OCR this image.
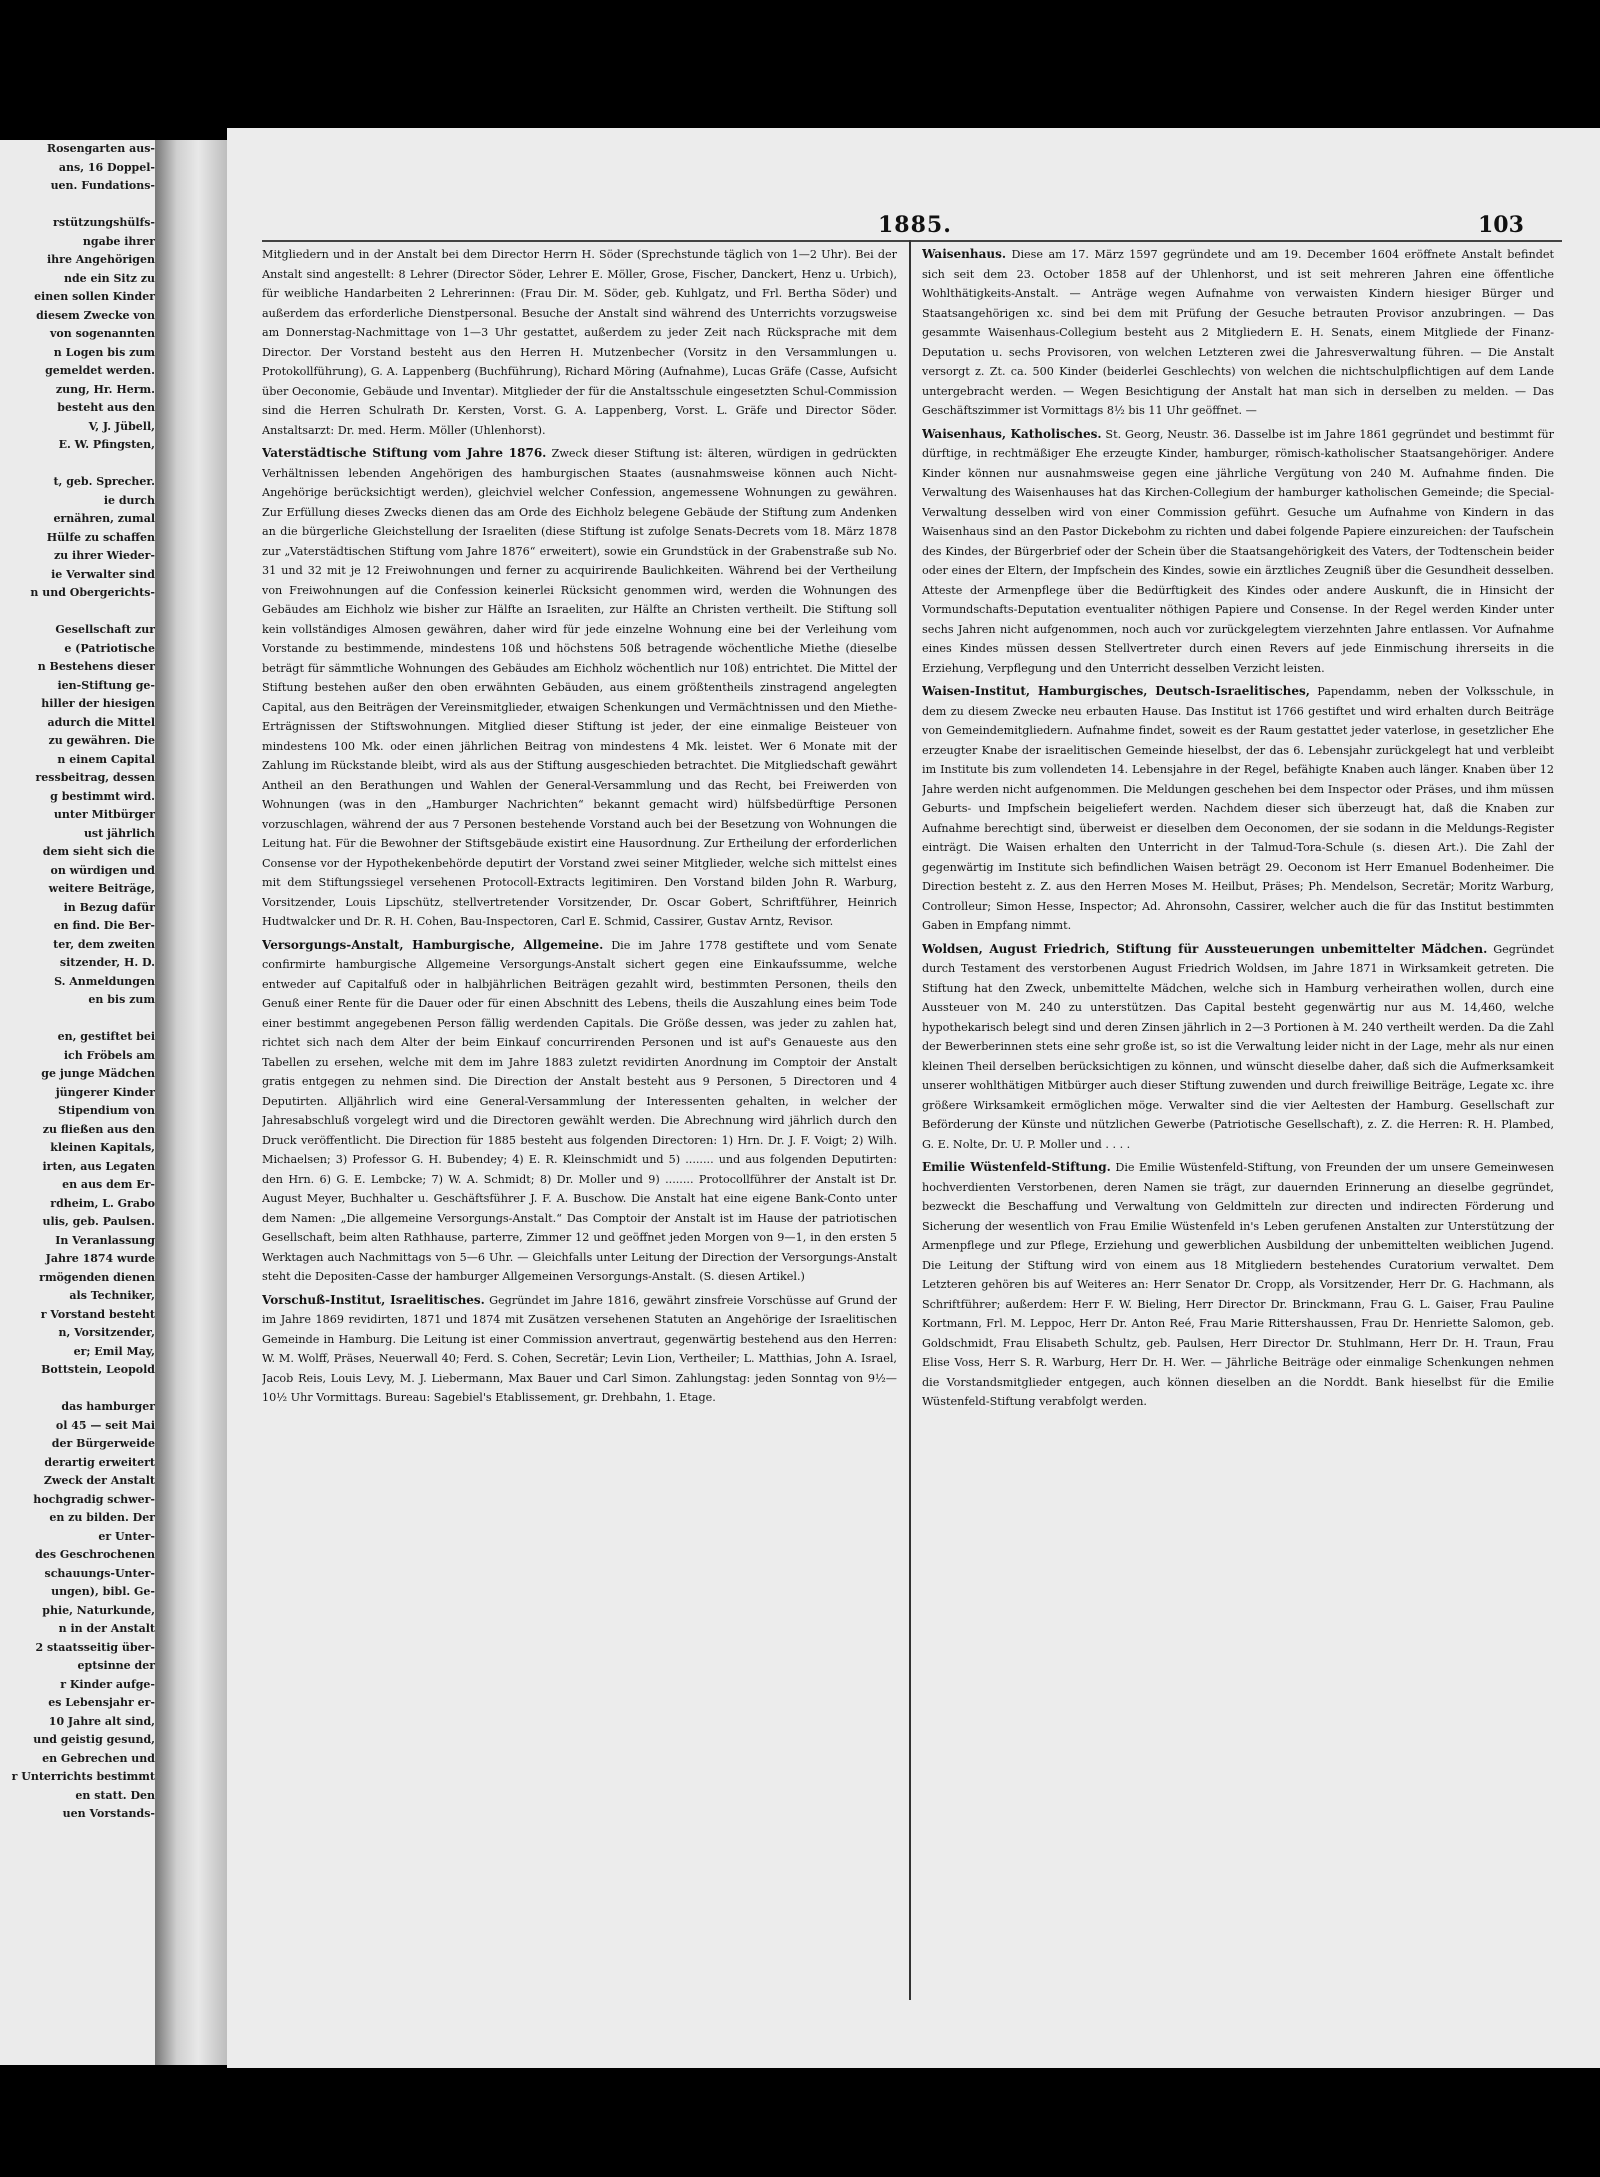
Rosengarten aus-

ans, 16 Doppel-

uen. Fundations-

rstützungshülfs-

ngabe ihrer

ihre Angehörigen

nde ein Sitz zu

einen sollen Kinder

diesem Zwecke von

von sogenannten

n Logen bis zum

gemeldet werden.

zung, Hr. Herm.

besteht aus den

V, J. Jübell,

E. W. Pfingsten,

t, geb. Sprecher.

ie durch

ernähren, zumal

Hülfe zu schaffen

zu ihrer Wieder-

ie Verwalter sind

n und Obergerichts-

Gesellschaft zur

e (Patriotische

n Bestehens dieser

ien-Stiftung ge-

hiller der hiesigen

adurch die Mittel

zu gewähren. Die

n einem Capital

ressbeitrag, dessen

g bestimmt wird.

unter Mitbürger

ust jährlich

dem sieht sich die

on würdigen und

weitere Beiträge,

in Bezug dafür

en find. Die Ber-

ter, dem zweiten

sitzender, H. D.

S. Anmeldungen

en bis zum

en, gestiftet bei

ich Fröbels am

ge junge Mädchen

jüngerer Kinder

Stipendium von

zu fließen aus den

kleinen Kapitals,

irten, aus Legaten

en aus dem Er-

rdheim, L. Grabo

ulis, geb. Paulsen.

In Veranlassung

Jahre 1874 wurde

rmögenden dienen

als Techniker,

r Vorstand besteht

n, Vorsitzender,

er; Emil May,

Bottstein, Leopold

das hamburger

ol 45 — seit Mai

der Bürgerweide

derartig erweitert

Zweck der Anstalt

hochgradig schwer-

en zu bilden. Der

er Unter-

des Geschrochenen

schauungs-Unter-

ungen), bibl. Ge-

phie, Naturkunde,

n in der Anstalt

2 staatsseitig über-

eptsinne der

r Kinder aufge-

es Lebensjahr er-

10 Jahre alt sind,

und geistig gesund,

en Gebrechen und

r Unterrichts bestimmt

en statt. Den

uen Vorstands-

1885.	103

Mitgliedern und in der Anstalt bei dem Director Herrn H. Söder (Sprechstunde täglich von 1—2 Uhr). Bei der Anstalt sind angestellt: 8 Lehrer (Director Söder, Lehrer E. Möller, Grose, Fischer, Danckert, Henz u. Urbich), für weibliche Handarbeiten 2 Lehrerinnen: (Frau Dir. M. Söder, geb. Kuhlgatz, und Frl. Bertha Söder) und außerdem das erforderliche Dienstpersonal. Besuche der Anstalt sind während des Unterrichts vorzugsweise am Donnerstag-Nachmittage von 1—3 Uhr gestattet, außerdem zu jeder Zeit nach Rücksprache mit dem Director. Der Vorstand besteht aus den Herren H. Mutzenbecher (Vorsitz in den Versammlungen u. Protokollführung), G. A. Lappenberg (Buchführung), Richard Möring (Aufnahme), Lucas Gräfe (Casse, Aufsicht über Oeconomie, Gebäude und Inventar). Mitglieder der für die Anstaltsschule eingesetzten Schul-Commission sind die Herren Schulrath Dr. Kersten, Vorst. G. A. Lappenberg, Vorst. L. Gräfe und Director Söder. Anstaltsarzt: Dr. med. Herm. Möller (Uhlenhorst).

Vaterstädtische Stiftung vom Jahre 1876. Zweck dieser Stiftung ist: älteren, würdigen in gedrückten Verhältnissen lebenden Angehörigen des hamburgischen Staates (ausnahmsweise können auch Nicht-Angehörige berücksichtigt werden), gleichviel welcher Confession, angemessene Wohnungen zu gewähren. Zur Erfüllung dieses Zwecks dienen das am Orde des Eichholz belegene Gebäude der Stiftung zum Andenken an die bürgerliche Gleichstellung der Israeliten (diese Stiftung ist zufolge Senats-Decrets vom 18. März 1878 zur „Vaterstädtischen Stiftung vom Jahre 1876“ erweitert), sowie ein Grundstück in der Grabenstraße sub No. 31 und 32 mit je 12 Freiwohnungen und ferner zu acquirirende Baulichkeiten. Während bei der Vertheilung von Freiwohnungen auf die Confession keinerlei Rücksicht genommen wird, werden die Wohnungen des Gebäudes am Eichholz wie bisher zur Hälfte an Israeliten, zur Hälfte an Christen vertheilt. Die Stiftung soll kein vollständiges Almosen gewähren, daher wird für jede einzelne Wohnung eine bei der Verleihung vom Vorstande zu bestimmende, mindestens 10ß und höchstens 50ß betragende wöchentliche Miethe (dieselbe beträgt für sämmtliche Wohnungen des Gebäudes am Eichholz wöchentlich nur 10ß) entrichtet. Die Mittel der Stiftung bestehen außer den oben erwähnten Gebäuden, aus einem größtentheils zinstragend angelegten Capital, aus den Beiträgen der Vereinsmitglieder, etwaigen Schenkungen und Vermächtnissen und den Miethe-Erträgnissen der Stiftswohnungen. Mitglied dieser Stiftung ist jeder, der eine einmalige Beisteuer von mindestens 100 Mk. oder einen jährlichen Beitrag von mindestens 4 Mk. leistet. Wer 6 Monate mit der Zahlung im Rückstande bleibt, wird als aus der Stiftung ausgeschieden betrachtet. Die Mitgliedschaft gewährt Antheil an den Berathungen und Wahlen der General-Versammlung und das Recht, bei Freiwerden von Wohnungen (was in den „Hamburger Nachrichten“ bekannt gemacht wird) hülfsbedürftige Personen vorzuschlagen, während der aus 7 Personen bestehende Vorstand auch bei der Besetzung von Wohnungen die Leitung hat. Für die Bewohner der Stiftsgebäude existirt eine Hausordnung. Zur Ertheilung der erforderlichen Consense vor der Hypothekenbehörde deputirt der Vorstand zwei seiner Mitglieder, welche sich mittelst eines mit dem Stiftungssiegel versehenen Protocoll-Extracts legitimiren. Den Vorstand bilden John R. Warburg, Vorsitzender, Louis Lipschütz, stellvertretender Vorsitzender, Dr. Oscar Gobert, Schriftführer, Heinrich Hudtwalcker und Dr. R. H. Cohen, Bau-Inspectoren, Carl E. Schmid, Cassirer, Gustav Arntz, Revisor.

Versorgungs-Anstalt, Hamburgische, Allgemeine. Die im Jahre 1778 gestiftete und vom Senate confirmirte hamburgische Allgemeine Versorgungs-Anstalt sichert gegen eine Einkaufssumme, welche entweder auf Capitalfuß oder in halbjährlichen Beiträgen gezahlt wird, bestimmten Personen, theils den Genuß einer Rente für die Dauer oder für einen Abschnitt des Lebens, theils die Auszahlung eines beim Tode einer bestimmt angegebenen Person fällig werdenden Capitals. Die Größe dessen, was jeder zu zahlen hat, richtet sich nach dem Alter der beim Einkauf concurrirenden Personen und ist auf's Genaueste aus den Tabellen zu ersehen, welche mit dem im Jahre 1883 zuletzt revidirten Anordnung im Comptoir der Anstalt gratis entgegen zu nehmen sind. Die Direction der Anstalt besteht aus 9 Personen, 5 Directoren und 4 Deputirten. Alljährlich wird eine General-Versammlung der Interessenten gehalten, in welcher der Jahresabschluß vorgelegt wird und die Directoren gewählt werden. Die Abrechnung wird jährlich durch den Druck veröffentlicht. Die Direction für 1885 besteht aus folgenden Directoren: 1) Hrn. Dr. J. F. Voigt; 2) Wilh. Michaelsen; 3) Professor G. H. Bubendey; 4) E. R. Kleinschmidt und 5) ........ und aus folgenden Deputirten: den Hrn. 6) G. E. Lembcke; 7) W. A. Schmidt; 8) Dr. Moller und 9) ........ Protocollführer der Anstalt ist Dr. August Meyer, Buchhalter u. Geschäftsführer J. F. A. Buschow. Die Anstalt hat eine eigene Bank-Conto unter dem Namen: „Die allgemeine Versorgungs-Anstalt.“ Das Comptoir der Anstalt ist im Hause der patriotischen Gesellschaft, beim alten Rathhause, parterre, Zimmer 12 und geöffnet jeden Morgen von 9—1, in den ersten 5 Werktagen auch Nachmittags von 5—6 Uhr. — Gleichfalls unter Leitung der Direction der Versorgungs-Anstalt steht die Depositen-Casse der hamburger Allgemeinen Versorgungs-Anstalt. (S. diesen Artikel.)

Vorschuß-Institut, Israelitisches. Gegründet im Jahre 1816, gewährt zinsfreie Vorschüsse auf Grund der im Jahre 1869 revidirten, 1871 und 1874 mit Zusätzen versehenen Statuten an Angehörige der Israelitischen Gemeinde in Hamburg. Die Leitung ist einer Commission anvertraut, gegenwärtig bestehend aus den Herren: W. M. Wolff, Präses, Neuerwall 40; Ferd. S. Cohen, Secretär; Levin Lion, Vertheiler; L. Matthias, John A. Israel, Jacob Reis, Louis Levy, M. J. Liebermann, Max Bauer und Carl Simon. Zahlungstag: jeden Sonntag von 9½—10½ Uhr Vormittags. Bureau: Sagebiel's Etablissement, gr. Drehbahn, 1. Etage.

Waisenhaus. Diese am 17. März 1597 gegründete und am 19. December 1604 eröffnete Anstalt befindet sich seit dem 23. October 1858 auf der Uhlenhorst, und ist seit mehreren Jahren eine öffentliche Wohlthätigkeits-Anstalt. — Anträge wegen Aufnahme von verwaisten Kindern hiesiger Bürger und Staatsangehörigen xc. sind bei dem mit Prüfung der Gesuche betrauten Provisor anzubringen. — Das gesammte Waisenhaus-Collegium besteht aus 2 Mitgliedern E. H. Senats, einem Mitgliede der Finanz-Deputation u. sechs Provisoren, von welchen Letzteren zwei die Jahresverwaltung führen. — Die Anstalt versorgt z. Zt. ca. 500 Kinder (beiderlei Geschlechts) von welchen die nichtschulpflichtigen auf dem Lande untergebracht werden. — Wegen Besichtigung der Anstalt hat man sich in derselben zu melden. — Das Geschäftszimmer ist Vormittags 8½ bis 11 Uhr geöffnet. —

Waisenhaus, Katholisches. St. Georg, Neustr. 36. Dasselbe ist im Jahre 1861 gegründet und bestimmt für dürftige, in rechtmäßiger Ehe erzeugte Kinder, hamburger, römisch-katholischer Staatsangehöriger. Andere Kinder können nur ausnahmsweise gegen eine jährliche Vergütung von 240 M. Aufnahme finden. Die Verwaltung des Waisenhauses hat das Kirchen-Collegium der hamburger katholischen Gemeinde; die Special-Verwaltung desselben wird von einer Commission geführt. Gesuche um Aufnahme von Kindern in das Waisenhaus sind an den Pastor Dickebohm zu richten und dabei folgende Papiere einzureichen: der Taufschein des Kindes, der Bürgerbrief oder der Schein über die Staatsangehörigkeit des Vaters, der Todtenschein beider oder eines der Eltern, der Impfschein des Kindes, sowie ein ärztliches Zeugniß über die Gesundheit desselben. Atteste der Armenpflege über die Bedürftigkeit des Kindes oder andere Auskunft, die in Hinsicht der Vormundschafts-Deputation eventualiter nöthigen Papiere und Consense. In der Regel werden Kinder unter sechs Jahren nicht aufgenommen, noch auch vor zurückgelegtem vierzehnten Jahre entlassen. Vor Aufnahme eines Kindes müssen dessen Stellvertreter durch einen Revers auf jede Einmischung ihrerseits in die Erziehung, Verpflegung und den Unterricht desselben Verzicht leisten.

Waisen-Institut, Hamburgisches, Deutsch-Israelitisches, Papendamm, neben der Volksschule, in dem zu diesem Zwecke neu erbauten Hause. Das Institut ist 1766 gestiftet und wird erhalten durch Beiträge von Gemeindemitgliedern. Aufnahme findet, soweit es der Raum gestattet jeder vaterlose, in gesetzlicher Ehe erzeugter Knabe der israelitischen Gemeinde hieselbst, der das 6. Lebensjahr zurückgelegt hat und verbleibt im Institute bis zum vollendeten 14. Lebensjahre in der Regel, befähigte Knaben auch länger. Knaben über 12 Jahre werden nicht aufgenommen. Die Meldungen geschehen bei dem Inspector oder Präses, und ihm müssen Geburts- und Impfschein beigeliefert werden. Nachdem dieser sich überzeugt hat, daß die Knaben zur Aufnahme berechtigt sind, überweist er dieselben dem Oeconomen, der sie sodann in die Meldungs-Register einträgt. Die Waisen erhalten den Unterricht in der Talmud-Tora-Schule (s. diesen Art.). Die Zahl der gegenwärtig im Institute sich befindlichen Waisen beträgt 29. Oeconom ist Herr Emanuel Bodenheimer. Die Direction besteht z. Z. aus den Herren Moses M. Heilbut, Präses; Ph. Mendelson, Secretär; Moritz Warburg, Controlleur; Simon Hesse, Inspector; Ad. Ahronsohn, Cassirer, welcher auch die für das Institut bestimmten Gaben in Empfang nimmt.

Woldsen, August Friedrich, Stiftung für Aussteuerungen unbemittelter Mädchen. Gegründet durch Testament des verstorbenen August Friedrich Woldsen, im Jahre 1871 in Wirksamkeit getreten. Die Stiftung hat den Zweck, unbemittelte Mädchen, welche sich in Hamburg verheirathen wollen, durch eine Aussteuer von M. 240 zu unterstützen. Das Capital besteht gegenwärtig nur aus M. 14,460, welche hypothekarisch belegt sind und deren Zinsen jährlich in 2—3 Portionen à M. 240 vertheilt werden. Da die Zahl der Bewerberinnen stets eine sehr große ist, so ist die Verwaltung leider nicht in der Lage, mehr als nur einen kleinen Theil derselben berücksichtigen zu können, und wünscht dieselbe daher, daß sich die Aufmerksamkeit unserer wohlthätigen Mitbürger auch dieser Stiftung zuwenden und durch freiwillige Beiträge, Legate xc. ihre größere Wirksamkeit ermöglichen möge. Verwalter sind die vier Aeltesten der Hamburg. Gesellschaft zur Beförderung der Künste und nützlichen Gewerbe (Patriotische Gesellschaft), z. Z. die Herren: R. H. Plambed, G. E. Nolte, Dr. U. P. Moller und . . . .

Emilie Wüstenfeld-Stiftung. Die Emilie Wüstenfeld-Stiftung, von Freunden der um unsere Gemeinwesen hochverdienten Verstorbenen, deren Namen sie trägt, zur dauernden Erinnerung an dieselbe gegründet, bezweckt die Beschaffung und Verwaltung von Geldmitteln zur directen und indirecten Förderung und Sicherung der wesentlich von Frau Emilie Wüstenfeld in's Leben gerufenen Anstalten zur Unterstützung der Armenpflege und zur Pflege, Erziehung und gewerblichen Ausbildung der unbemittelten weiblichen Jugend. Die Leitung der Stiftung wird von einem aus 18 Mitgliedern bestehendes Curatorium verwaltet. Dem Letzteren gehören bis auf Weiteres an: Herr Senator Dr. Cropp, als Vorsitzender, Herr Dr. G. Hachmann, als Schriftführer; außerdem: Herr F. W. Bieling, Herr Director Dr. Brinckmann, Frau G. L. Gaiser, Frau Pauline Kortmann, Frl. M. Leppoc, Herr Dr. Anton Reé, Frau Marie Rittershaussen, Frau Dr. Henriette Salomon, geb. Goldschmidt, Frau Elisabeth Schultz, geb. Paulsen, Herr Director Dr. Stuhlmann, Herr Dr. H. Traun, Frau Elise Voss, Herr S. R. Warburg, Herr Dr. H. Wer. — Jährliche Beiträge oder einmalige Schenkungen nehmen die Vorstandsmitglieder entgegen, auch können dieselben an die Norddt. Bank hieselbst für die Emilie Wüstenfeld-Stiftung verabfolgt werden.
